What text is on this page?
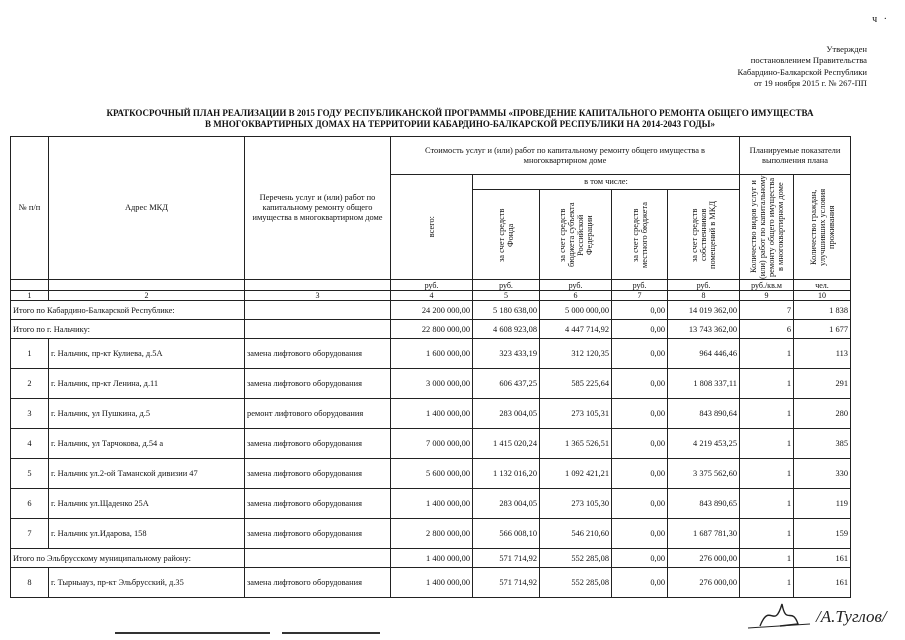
ч ·
Утвержден
постановлением Правительства
Кабардино-Балкарской Республики
от 19 ноября 2015 г. № 267-ПП
КРАТКОСРОЧНЫЙ ПЛАН РЕАЛИЗАЦИИ В 2015 ГОДУ РЕСПУБЛИКАНСКОЙ ПРОГРАММЫ «ПРОВЕДЕНИЕ КАПИТАЛЬНОГО РЕМОНТА ОБЩЕГО ИМУЩЕСТВА
В МНОГОКВАРТИРНЫХ ДОМАХ НА ТЕРРИТОРИИ КАБАРДИНО-БАЛКАРСКОЙ РЕСПУБЛИКИ НА 2014-2043 ГОДЫ»
№ п/п	Адрес МКД	Перечень услуг и (или) работ по капитальному ремонту общего имущества в многоквартирном доме	Стоимость услуг и (или) работ по капитальному ремонту общего имущества в многоквартирном доме					Планируемые показатели выполнения плана	

			всего:	в том числе:				Количество видов услуг и (или) работ по капитальному ремонту общего имущества в многоквартирном доме	Количество граждан, улучшивших условия проживания

				за счет средств Фонда	за счет средств бюджета субъекта Российской Федерации	за счет средств местного бюджета	за счет средств собственников помещений в МКД		

			руб.	руб.	руб.	руб.	руб.	руб./кв.м	чел.
1	2	3	4	5	6	7	8	9	10
Итого по Кабардино-Балкарской Республике:			24 200 000,00	5 180 638,00	5 000 000,00	0,00	14 019 362,00	7	1 838
Итого по г. Нальчику:			22 800 000,00	4 608 923,08	4 447 714,92	0,00	13 743 362,00	6	1 677
1	г. Нальчик, пр-кт Кулиева, д.5А	замена лифтового оборудования	1 600 000,00	323 433,19	312 120,35	0,00	964 446,46	1	113
2	г. Нальчик, пр-кт Ленина, д.11	замена лифтового оборудования	3 000 000,00	606 437,25	585 225,64	0,00	1 808 337,11	1	291
3	г. Нальчик, ул Пушкина, д.5	ремонт лифтового оборудования	1 400 000,00	283 004,05	273 105,31	0,00	843 890,64	1	280
4	г. Нальчик, ул Тарчокова, д.54 а	замена лифтового оборудования	7 000 000,00	1 415 020,24	1 365 526,51	0,00	4 219 453,25	1	385
5	г. Нальчик ул.2-ой Таманской дивизии 47	замена лифтового оборудования	5 600 000,00	1 132 016,20	1 092 421,21	0,00	3 375 562,60	1	330
6	г. Нальчик ул.Щаденко 25А	замена лифтового оборудования	1 400 000,00	283 004,05	273 105,30	0,00	843 890,65	1	119
7	г. Нальчик ул.Идарова, 158	замена лифтового оборудования	2 800 000,00	566 008,10	546 210,60	0,00	1 687 781,30	1	159
Итого по Эльбрусскому муниципальному району:			1 400 000,00	571 714,92	552 285,08	0,00	276 000,00	1	161
8	г. Тырныауз, пр-кт Эльбрусский, д.35	замена лифтового оборудования	1 400 000,00	571 714,92	552 285,08	0,00	276 000,00	1	161
/А.Туглов/
